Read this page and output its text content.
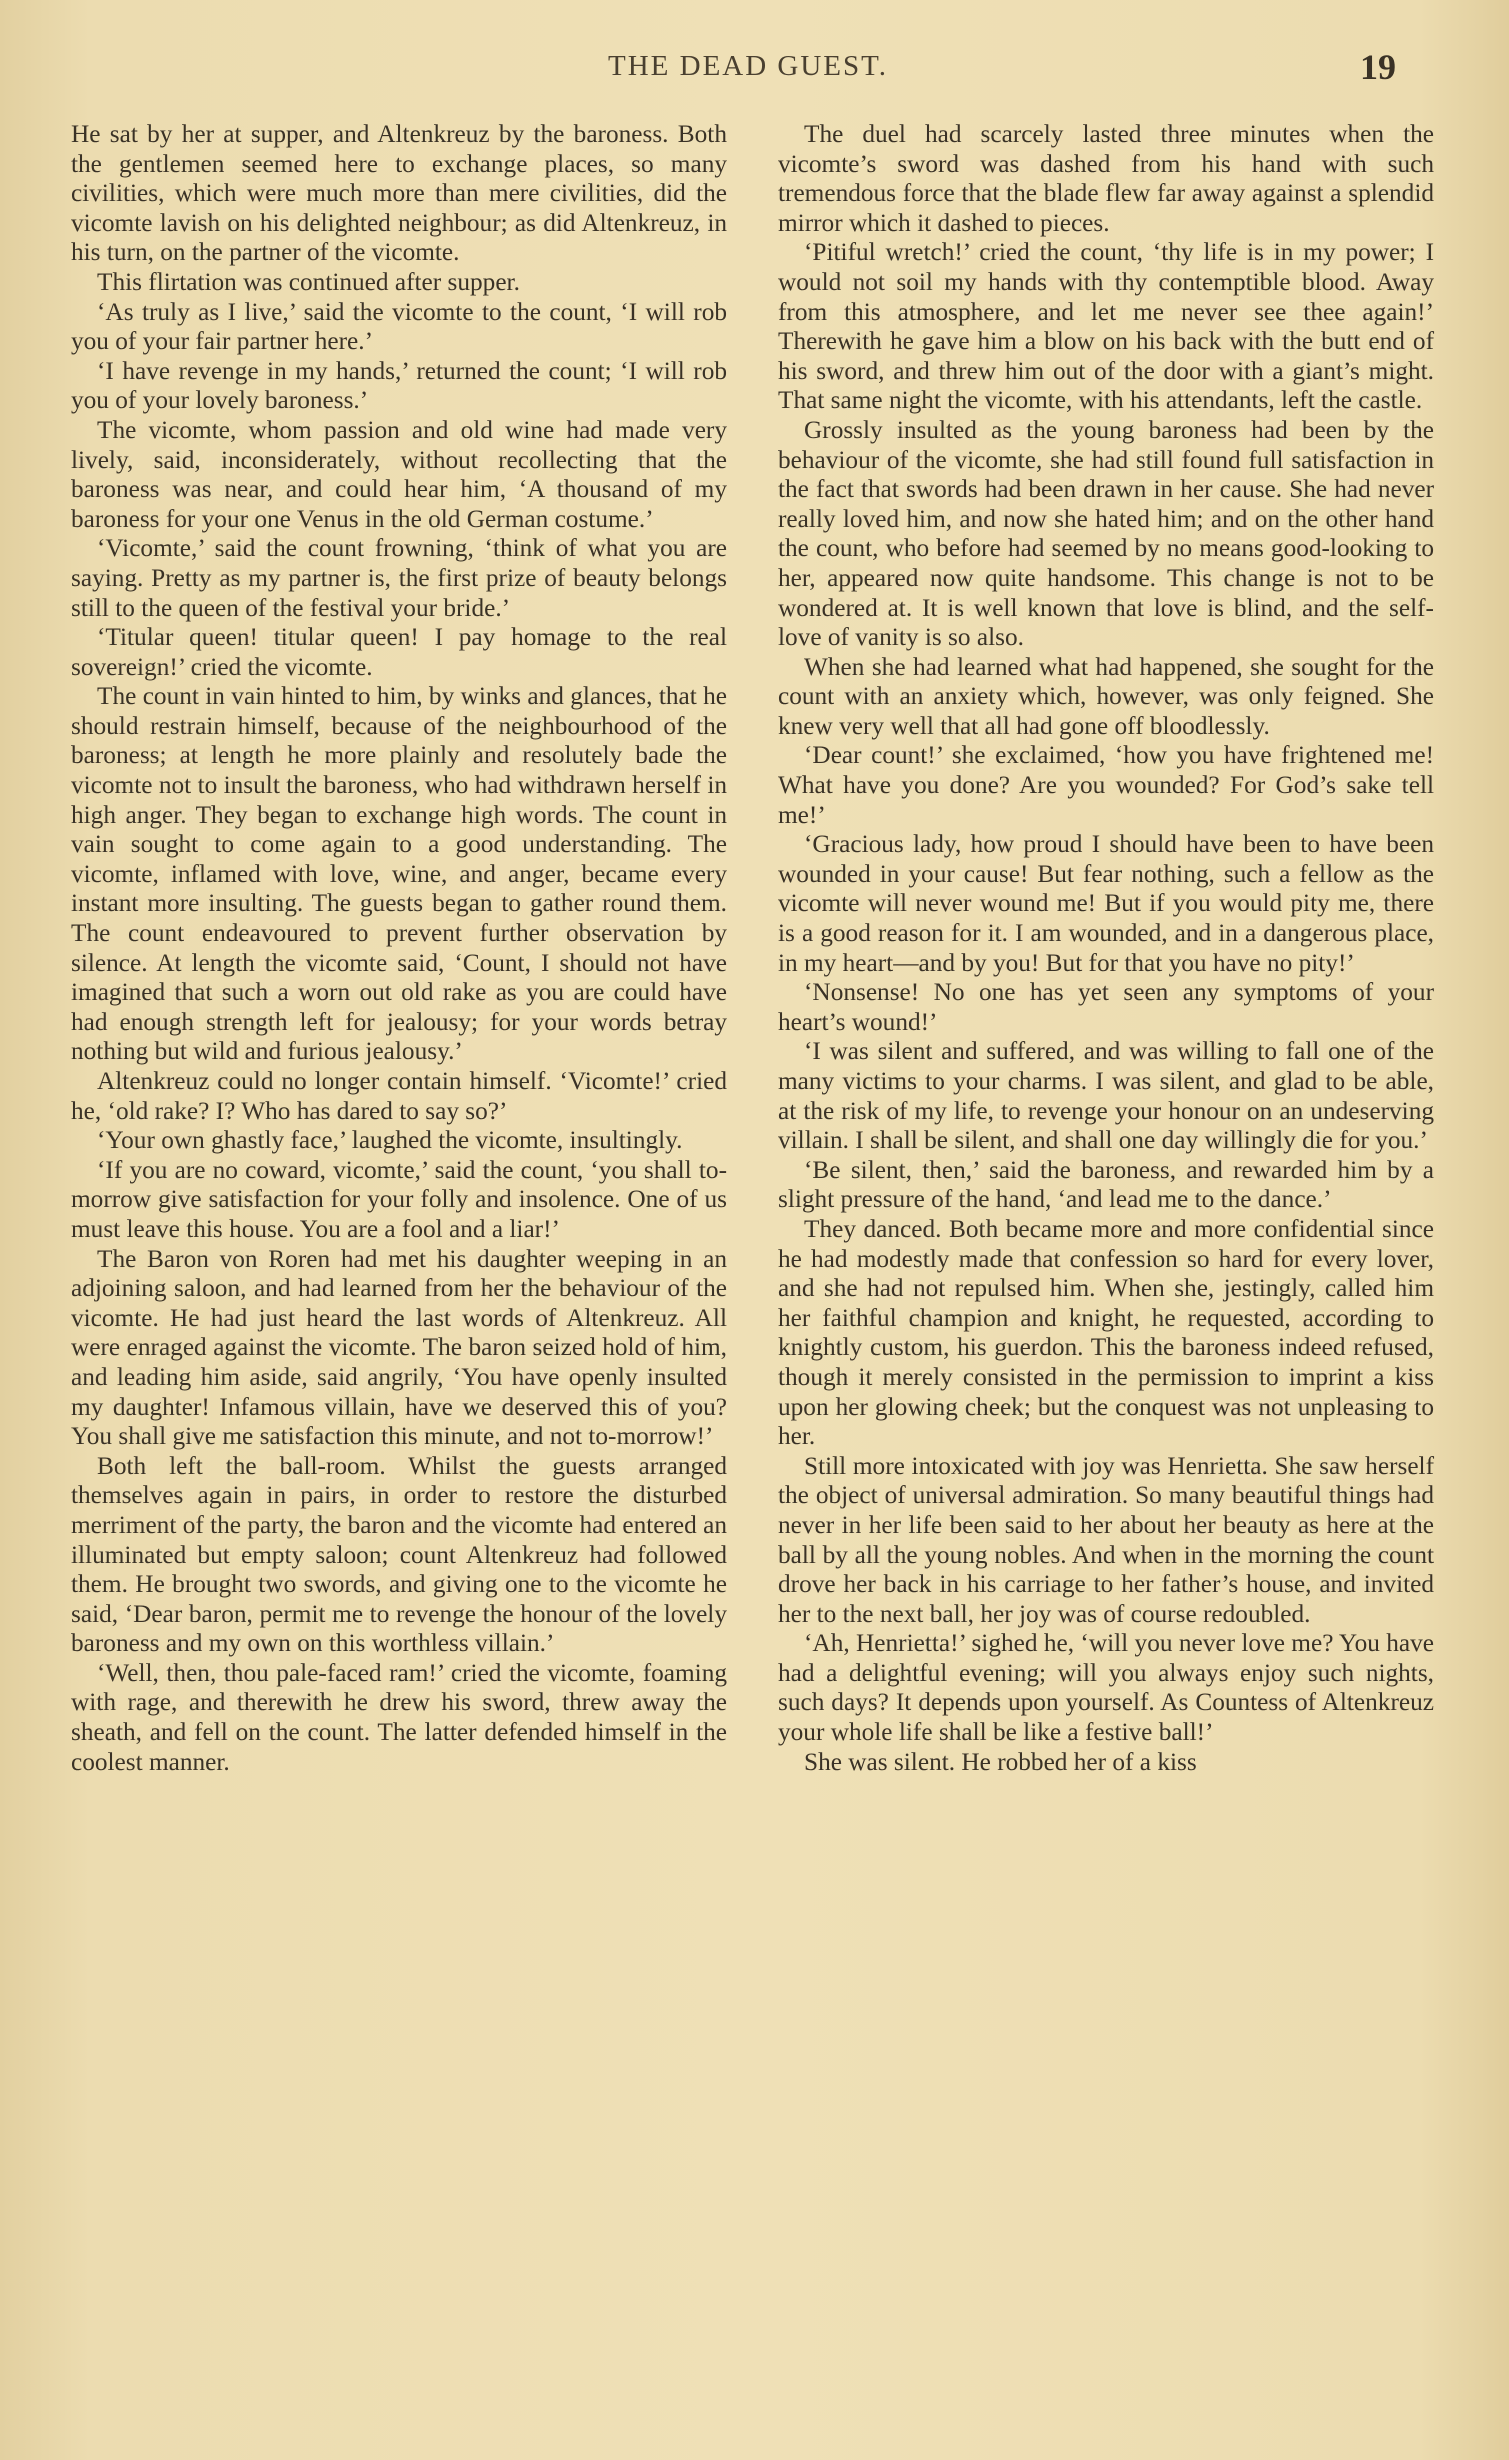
THE DEAD GUEST.	19

He sat by her at supper, and Altenkreuz by the baroness. Both the gentlemen seemed here to exchange places, so many civilities, which were much more than mere civilities, did the vicomte lavish on his delighted neighbour; as did Altenkreuz, in his turn, on the partner of the vicomte.

This flirtation was continued after supper.

‘As truly as I live,’ said the vicomte to the count, ‘I will rob you of your fair partner here.’

‘I have revenge in my hands,’ returned the count; ‘I will rob you of your lovely baroness.’

The vicomte, whom passion and old wine had made very lively, said, inconsiderately, without recollecting that the baroness was near, and could hear him, ‘A thousand of my baroness for your one Venus in the old German costume.’

‘Vicomte,’ said the count frowning, ‘think of what you are saying. Pretty as my partner is, the first prize of beauty belongs still to the queen of the festival your bride.’

‘Titular queen! titular queen! I pay homage to the real sovereign!’ cried the vicomte.

The count in vain hinted to him, by winks and glances, that he should restrain himself, because of the neighbourhood of the baroness; at length he more plainly and resolutely bade the vicomte not to insult the baroness, who had withdrawn herself in high anger. They began to exchange high words. The count in vain sought to come again to a good understanding. The vicomte, inflamed with love, wine, and anger, became every instant more insulting. The guests began to gather round them. The count endeavoured to prevent further observation by silence. At length the vicomte said, ‘Count, I should not have imagined that such a worn out old rake as you are could have had enough strength left for jealousy; for your words betray nothing but wild and furious jealousy.’

Altenkreuz could no longer contain himself. ‘Vicomte!’ cried he, ‘old rake? I? Who has dared to say so?’

‘Your own ghastly face,’ laughed the vicomte, insultingly.

‘If you are no coward, vicomte,’ said the count, ‘you shall to-morrow give satisfaction for your folly and insolence. One of us must leave this house. You are a fool and a liar!’

The Baron von Roren had met his daughter weeping in an adjoining saloon, and had learned from her the behaviour of the vicomte. He had just heard the last words of Altenkreuz. All were enraged against the vicomte. The baron seized hold of him, and leading him aside, said angrily, ‘You have openly insulted my daughter! Infamous villain, have we deserved this of you? You shall give me satisfaction this minute, and not to-morrow!’

Both left the ball-room. Whilst the guests arranged themselves again in pairs, in order to restore the disturbed merriment of the party, the baron and the vicomte had entered an illuminated but empty saloon; count Altenkreuz had followed them. He brought two swords, and giving one to the vicomte he said, ‘Dear baron, permit me to revenge the honour of the lovely baroness and my own on this worthless villain.’

‘Well, then, thou pale-faced ram!’ cried the vicomte, foaming with rage, and therewith he drew his sword, threw away the sheath, and fell on the count. The latter defended himself in the coolest manner.

The duel had scarcely lasted three minutes when the vicomte’s sword was dashed from his hand with such tremendous force that the blade flew far away against a splendid mirror which it dashed to pieces.

‘Pitiful wretch!’ cried the count, ‘thy life is in my power; I would not soil my hands with thy contemptible blood. Away from this atmosphere, and let me never see thee again!’ Therewith he gave him a blow on his back with the butt end of his sword, and threw him out of the door with a giant’s might. That same night the vicomte, with his attendants, left the castle.

Grossly insulted as the young baroness had been by the behaviour of the vicomte, she had still found full satisfaction in the fact that swords had been drawn in her cause. She had never really loved him, and now she hated him; and on the other hand the count, who before had seemed by no means good-looking to her, appeared now quite handsome. This change is not to be wondered at. It is well known that love is blind, and the self-love of vanity is so also.

When she had learned what had happened, she sought for the count with an anxiety which, however, was only feigned. She knew very well that all had gone off bloodlessly.

‘Dear count!’ she exclaimed, ‘how you have frightened me! What have you done? Are you wounded? For God’s sake tell me!’

‘Gracious lady, how proud I should have been to have been wounded in your cause! But fear nothing, such a fellow as the vicomte will never wound me! But if you would pity me, there is a good reason for it. I am wounded, and in a dangerous place, in my heart—and by you! But for that you have no pity!’

‘Nonsense! No one has yet seen any symptoms of your heart’s wound!’

‘I was silent and suffered, and was willing to fall one of the many victims to your charms. I was silent, and glad to be able, at the risk of my life, to revenge your honour on an undeserving villain. I shall be silent, and shall one day willingly die for you.’

‘Be silent, then,’ said the baroness, and rewarded him by a slight pressure of the hand, ‘and lead me to the dance.’

They danced. Both became more and more confidential since he had modestly made that confession so hard for every lover, and she had not repulsed him. When she, jestingly, called him her faithful champion and knight, he requested, according to knightly custom, his guerdon. This the baroness indeed refused, though it merely consisted in the permission to imprint a kiss upon her glowing cheek; but the conquest was not unpleasing to her.

Still more intoxicated with joy was Henrietta. She saw herself the object of universal admiration. So many beautiful things had never in her life been said to her about her beauty as here at the ball by all the young nobles. And when in the morning the count drove her back in his carriage to her father’s house, and invited her to the next ball, her joy was of course redoubled.

‘Ah, Henrietta!’ sighed he, ‘will you never love me? You have had a delightful evening; will you always enjoy such nights, such days? It depends upon yourself. As Countess of Altenkreuz your whole life shall be like a festive ball!’

She was silent. He robbed her of a kiss
